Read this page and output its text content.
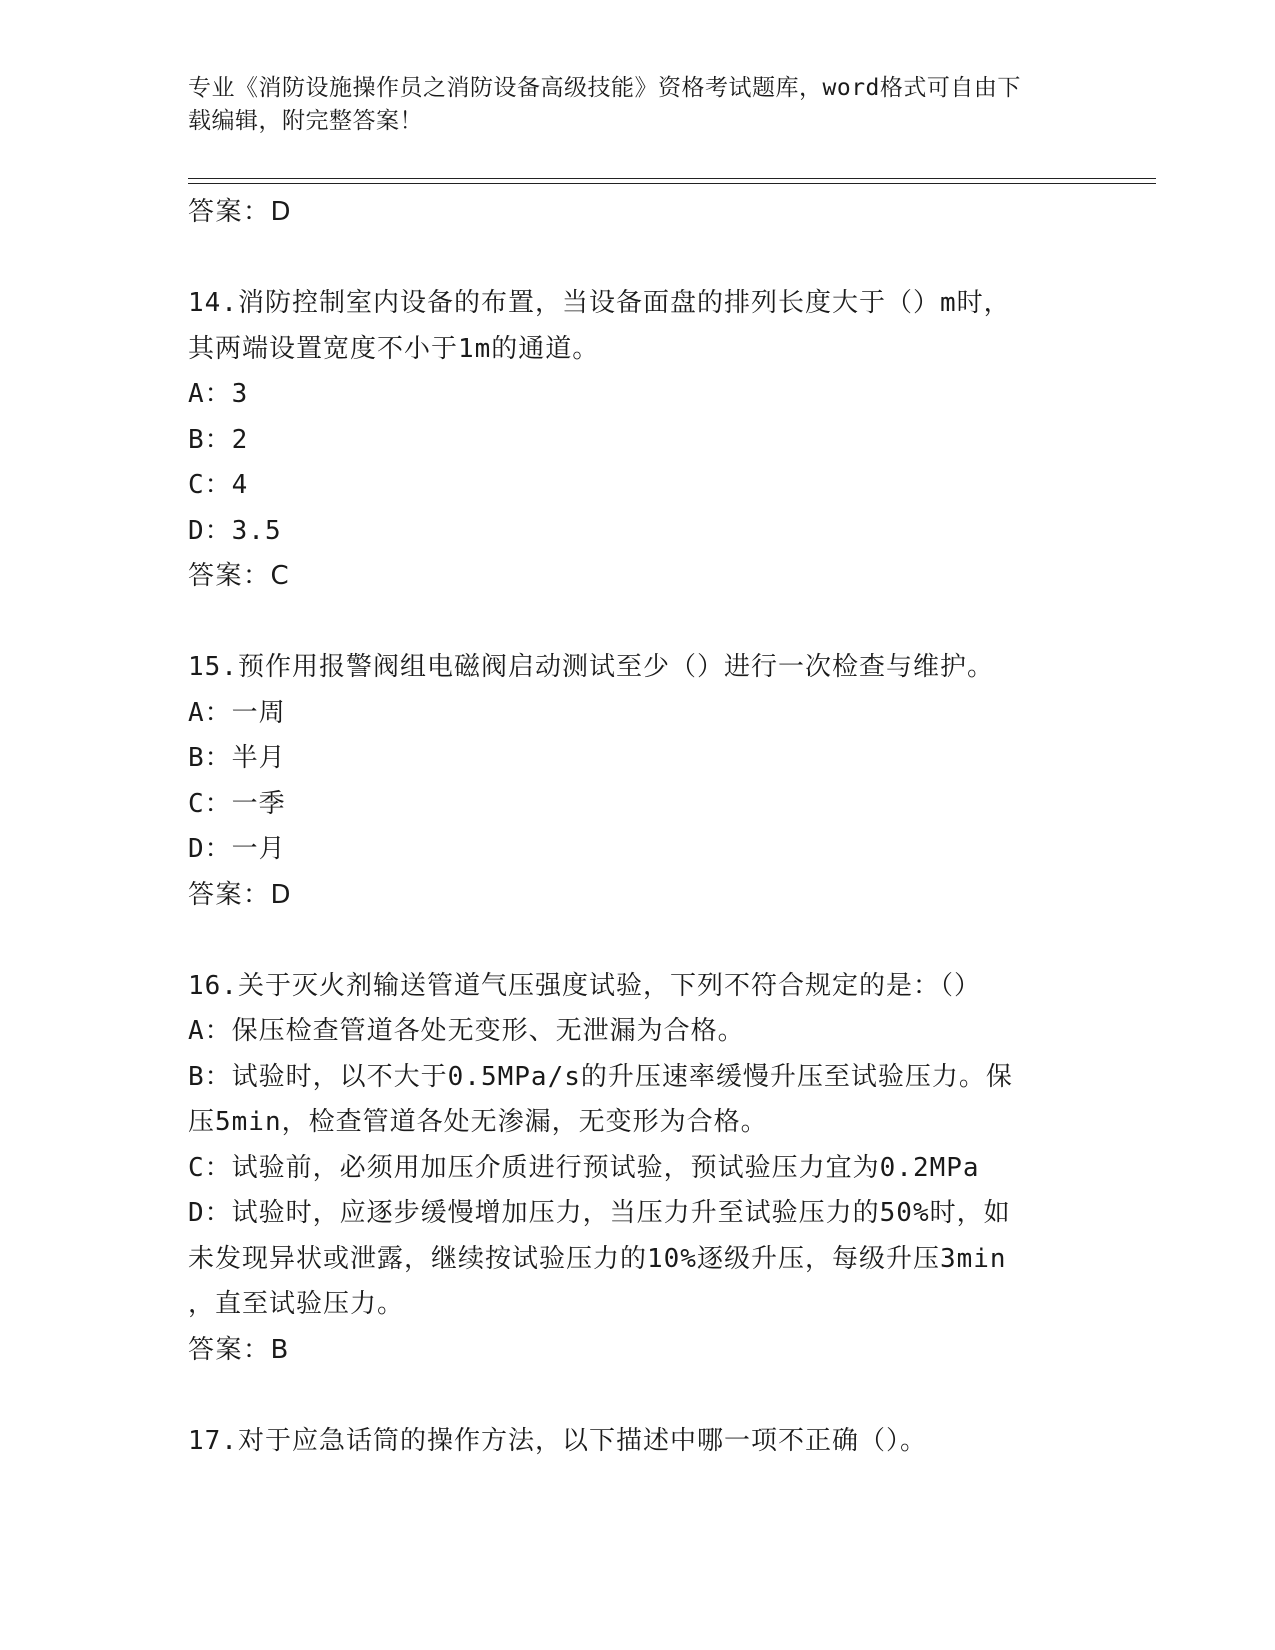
专业《消防设施操作员之消防设备高级技能》资格考试题库，word格式可自由下
载编辑，附完整答案！
答案：D
14.消防控制室内设备的布置，当设备面盘的排列长度大于（）m时，
其两端设置宽度不小于1m的通道。
A：3
B：2
C：4
D：3.5
答案：C
15.预作用报警阀组电磁阀启动测试至少（）进行一次检查与维护。
A：一周
B：半月
C：一季
D：一月
答案：D
16.关于灭火剂输送管道气压强度试验，下列不符合规定的是：（）
A：保压检查管道各处无变形、无泄漏为合格。
B：试验时，以不大于0.5MPa/s的升压速率缓慢升压至试验压力。保
压5min，检查管道各处无渗漏，无变形为合格。
C：试验前，必须用加压介质进行预试验，预试验压力宜为0.2MPa
D：试验时，应逐步缓慢增加压力，当压力升至试验压力的50%时，如
未发现异状或泄露，继续按试验压力的10%逐级升压，每级升压3min
，直至试验压力。
答案：B
17.对于应急话筒的操作方法，以下描述中哪一项不正确（）。
